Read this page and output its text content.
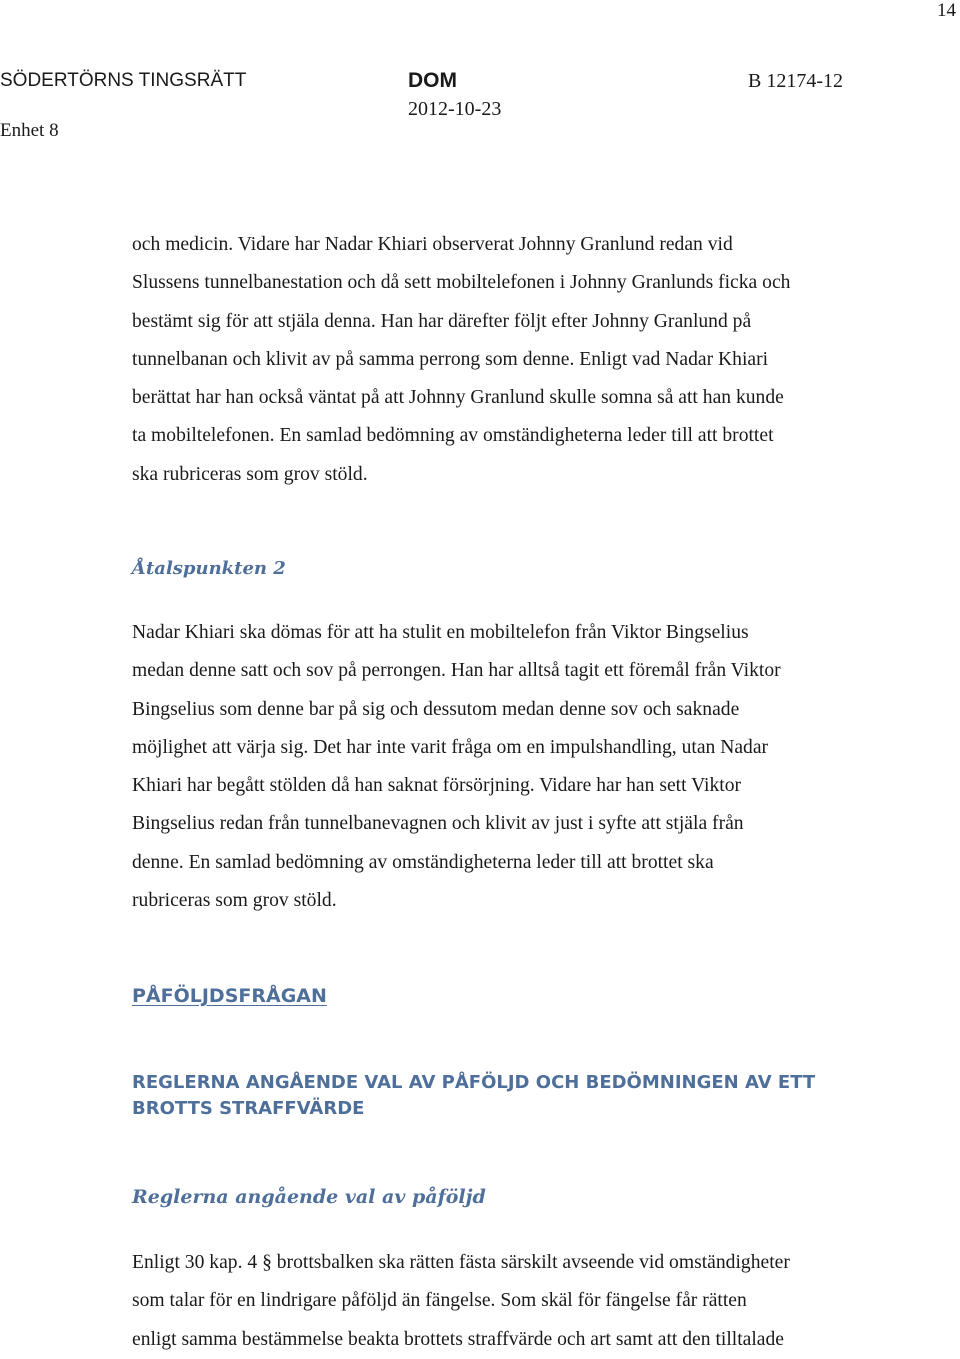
14
SÖDERTÖRNS TINGSRÄTT
Enhet 8
DOM
2012-10-23
B 12174-12

och medicin. Vidare har Nadar Khiari observerat Johnny Granlund redan vid
Slussens tunnelbanestation och då sett mobiltelefonen i Johnny Granlunds ficka och
bestämt sig för att stjäla denna. Han har därefter följt efter Johnny Granlund på
tunnelbanan och klivit av på samma perrong som denne. Enligt vad Nadar Khiari
berättat har han också väntat på att Johnny Granlund skulle somna så att han kunde
ta mobiltelefonen. En samlad bedömning av omständigheterna leder till att brottet
ska rubriceras som grov stöld.

Åtalspunkten 2

Nadar Khiari ska dömas för att ha stulit en mobiltelefon från Viktor Bingselius
medan denne satt och sov på perrongen. Han har alltså tagit ett föremål från Viktor
Bingselius som denne bar på sig och dessutom medan denne sov och saknade
möjlighet att värja sig. Det har inte varit fråga om en impulshandling, utan Nadar
Khiari har begått stölden då han saknat försörjning. Vidare har han sett Viktor
Bingselius redan från tunnelbanevagnen och klivit av just i syfte att stjäla från
denne. En samlad bedömning av omständigheterna leder till att brottet ska
rubriceras som grov stöld.

PÅFÖLJDSFRÅGAN
REGLERNA ANGÅENDE VAL AV PÅFÖLJD OCH BEDÖMNINGEN AV ETT
BROTTS STRAFFVÄRDE
Reglerna angående val av påföljd

Enligt 30 kap. 4 § brottsbalken ska rätten fästa särskilt avseende vid omständigheter
som talar för en lindrigare påföljd än fängelse. Som skäl för fängelse får rätten
enligt samma bestämmelse beakta brottets straffvärde och art samt att den tilltalade
